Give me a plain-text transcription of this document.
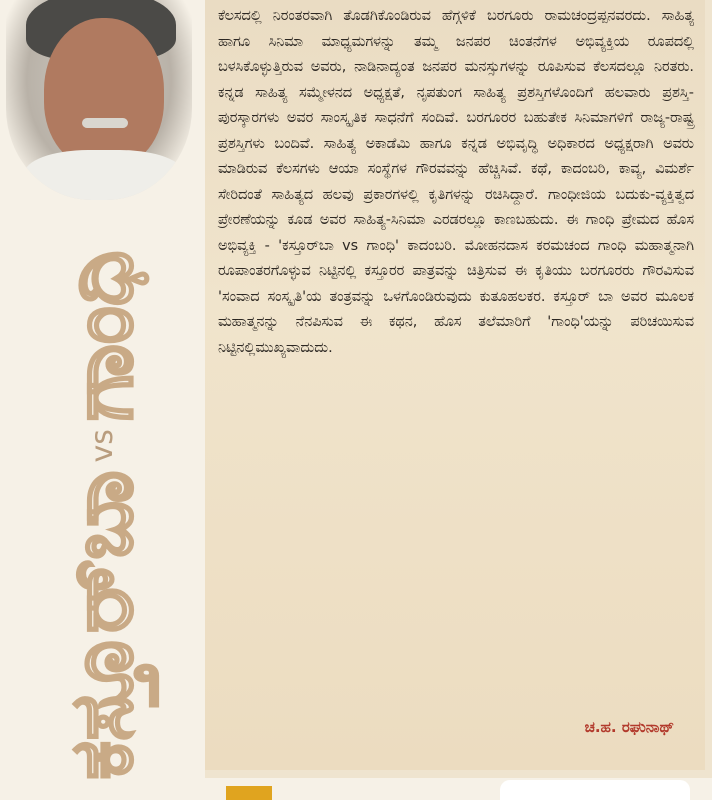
ಕಸ್ತೂರ್‌ಬಾ
vs
ಗಾಂಧಿ
ಕೆಲಸದಲ್ಲಿ ನಿರಂತರವಾಗಿ ತೊಡಗಿಕೊಂಡಿರುವ ಹೆಗ್ಗಳಿಕೆ ಬರಗೂರು ರಾಮಚಂದ್ರಪ್ಪನವರದು. ಸಾಹಿತ್ಯ ಹಾಗೂ ಸಿನಿಮಾ ಮಾಧ್ಯಮಗಳನ್ನು ತಮ್ಮ ಜನಪರ ಚಿಂತನೆಗಳ ಅಭಿವ್ಯಕ್ತಿಯ ರೂಪದಲ್ಲಿ ಬಳಸಿಕೊಳ್ಳುತ್ತಿರುವ ಅವರು, ನಾಡಿನಾದ್ಯಂತ ಜನಪರ ಮನಸ್ಸುಗಳನ್ನು ರೂಪಿಸುವ ಕೆಲಸದಲ್ಲೂ ನಿರತರು. ಕನ್ನಡ ಸಾಹಿತ್ಯ ಸಮ್ಮೇಳನದ ಅಧ್ಯಕ್ಷತೆ, ನೃಪತುಂಗ ಸಾಹಿತ್ಯ ಪ್ರಶಸ್ತಿಗಳೊಂದಿಗೆ ಹಲವಾರು ಪ್ರಶಸ್ತಿ-ಪುರಸ್ಕಾರಗಳು ಅವರ ಸಾಂಸ್ಕೃತಿಕ ಸಾಧನೆಗೆ ಸಂದಿವೆ. ಬರಗೂರರ ಬಹುತೇಕ ಸಿನಿಮಾಗಳಿಗೆ ರಾಜ್ಯ-ರಾಷ್ಟ್ರ ಪ್ರಶಸ್ತಿಗಳು ಬಂದಿವೆ. ಸಾಹಿತ್ಯ ಅಕಾಡೆಮಿ ಹಾಗೂ ಕನ್ನಡ ಅಭಿವೃದ್ಧಿ ಅಧಿಕಾರದ ಅಧ್ಯಕ್ಷರಾಗಿ ಅವರು ಮಾಡಿರುವ ಕೆಲಸಗಳು ಆಯಾ ಸಂಸ್ಥೆಗಳ ಗೌರವವನ್ನು ಹೆಚ್ಚಿಸಿವೆ. ಕಥೆ, ಕಾದಂಬರಿ, ಕಾವ್ಯ, ವಿಮರ್ಶೆ ಸೇರಿದಂತೆ ಸಾಹಿತ್ಯದ ಹಲವು ಪ್ರಕಾರಗಳಲ್ಲಿ ಕೃತಿಗಳನ್ನು ರಚಿಸಿದ್ದಾರೆ. ಗಾಂಧೀಜಿಯ ಬದುಕು-ವ್ಯಕ್ತಿತ್ವದ ಪ್ರೇರಣೆಯನ್ನು ಕೂಡ ಅವರ ಸಾಹಿತ್ಯ-ಸಿನಿಮಾ ಎರಡರಲ್ಲೂ ಕಾಣಬಹುದು. ಈ ಗಾಂಧಿ ಪ್ರೇಮದ ಹೊಸ ಅಭಿವ್ಯಕ್ತಿ - 'ಕಸ್ತೂರ್‌ಬಾ vs ಗಾಂಧಿ' ಕಾದಂಬರಿ. ಮೋಹನದಾಸ ಕರಮಚಂದ ಗಾಂಧಿ ಮಹಾತ್ಮನಾಗಿ ರೂಪಾಂತರಗೊಳ್ಳುವ ನಿಟ್ಟಿನಲ್ಲಿ ಕಸ್ತೂರರ ಪಾತ್ರವನ್ನು ಚಿತ್ರಿಸುವ ಈ ಕೃತಿಯು ಬರಗೂರರು ಗೌರವಿಸುವ 'ಸಂವಾದ ಸಂಸ್ಕೃತಿ'ಯ ತಂತ್ರವನ್ನು ಒಳಗೊಂಡಿರುವುದು ಕುತೂಹಲಕರ. ಕಸ್ತೂರ್ ಬಾ ಅವರ ಮೂಲಕ ಮಹಾತ್ಮನನ್ನು ನೆನಪಿಸುವ ಈ ಕಥನ, ಹೊಸ ತಲೆಮಾರಿಗೆ 'ಗಾಂಧಿ'ಯನ್ನು ಪರಿಚಯಿಸುವ ನಿಟ್ಟಿನಲ್ಲಿಮುಖ್ಯವಾದುದು.
ಚ.ಹ. ರಘುನಾಥ್
